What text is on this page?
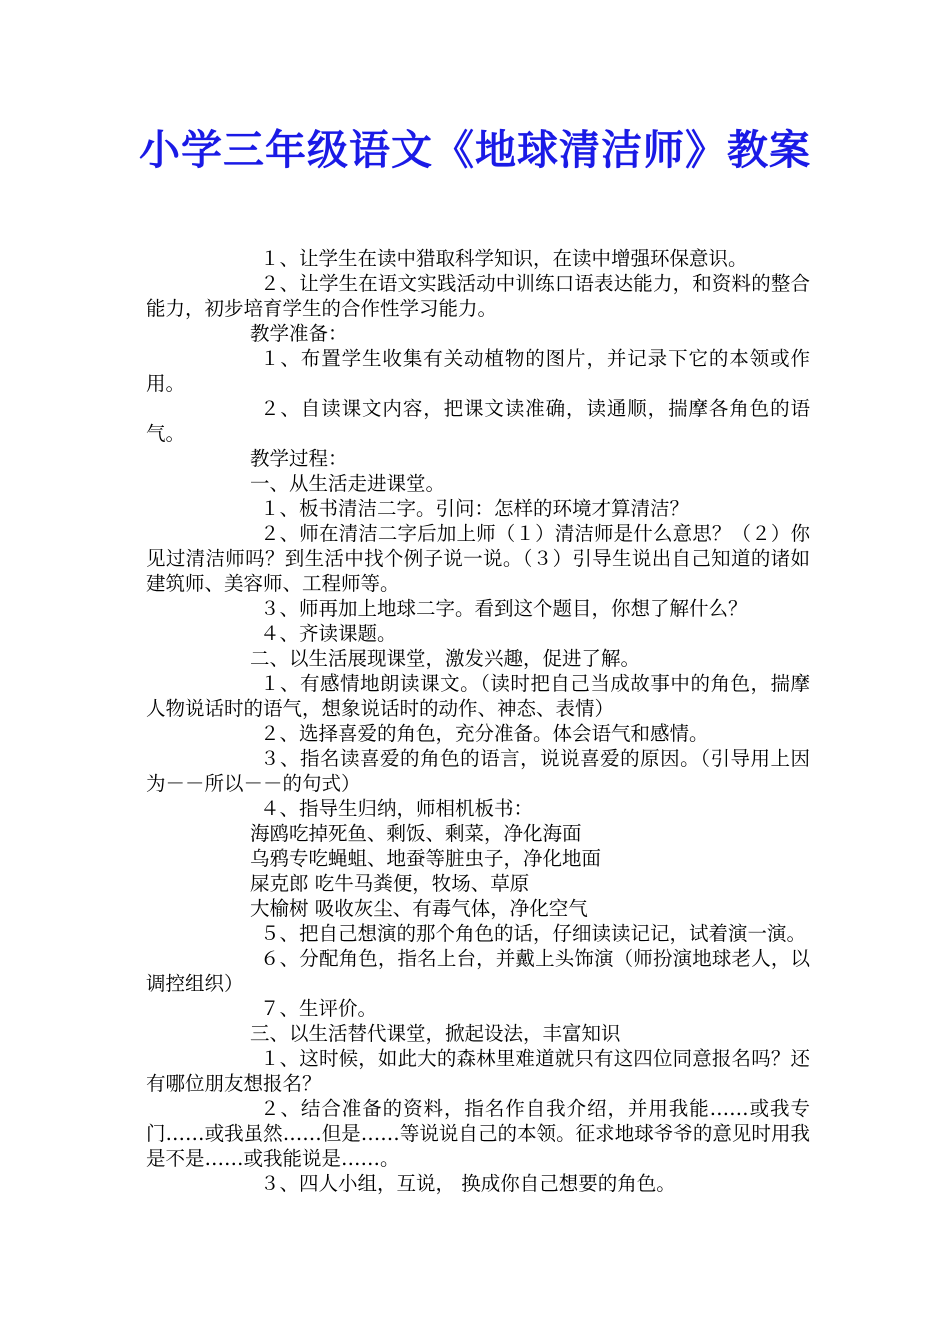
小学三年级语文《地球清洁师》教案

１、让学生在读中猎取科学知识，在读中增强环保意识。

２、让学生在语文实践活动中训练口语表达能力，和资料的整合能力，初步培育学生的合作性学习能力。

教学准备：

１、布置学生收集有关动植物的图片，并记录下它的本领或作用。

２、自读课文内容，把课文读准确，读通顺，揣摩各角色的语气。

教学过程：

一、从生活走进课堂。

１、板书清洁二字。引问：怎样的环境才算清洁？

２、师在清洁二字后加上师（１）清洁师是什么意思？（２）你见过清洁师吗？到生活中找个例子说一说。（３）引导生说出自己知道的诸如建筑师、美容师、工程师等。

３、师再加上地球二字。看到这个题目，你想了解什么？

４、齐读课题。

二、以生活展现课堂，激发兴趣，促进了解。

１、有感情地朗读课文。（读时把自己当成故事中的角色，揣摩人物说话时的语气，想象说话时的动作、神态、表情）

２、选择喜爱的角色，充分准备。体会语气和感情。

３、指名读喜爱的角色的语言，说说喜爱的原因。（引导用上因为－－所以－－的句式）

４、指导生归纳，师相机板书：

海鸥吃掉死鱼、剩饭、剩菜，净化海面

乌鸦专吃蝇蛆、地蚕等脏虫子，净化地面

屎克郎 吃牛马粪便，牧场、草原

大榆树 吸收灰尘、有毒气体，净化空气

５、把自己想演的那个角色的话，仔细读读记记，试着演一演。

６、分配角色，指名上台，并戴上头饰演（师扮演地球老人，以调控组织）

７、生评价。

三、以生活替代课堂，掀起设法，丰富知识

１、这时候，如此大的森林里难道就只有这四位同意报名吗？还有哪位朋友想报名？

２、结合准备的资料，指名作自我介绍，并用我能……或我专门……或我虽然……但是……等说说自己的本领。征求地球爷爷的意见时用我是不是……或我能说是……。

３、四人小组，互说， 换成你自己想要的角色。
